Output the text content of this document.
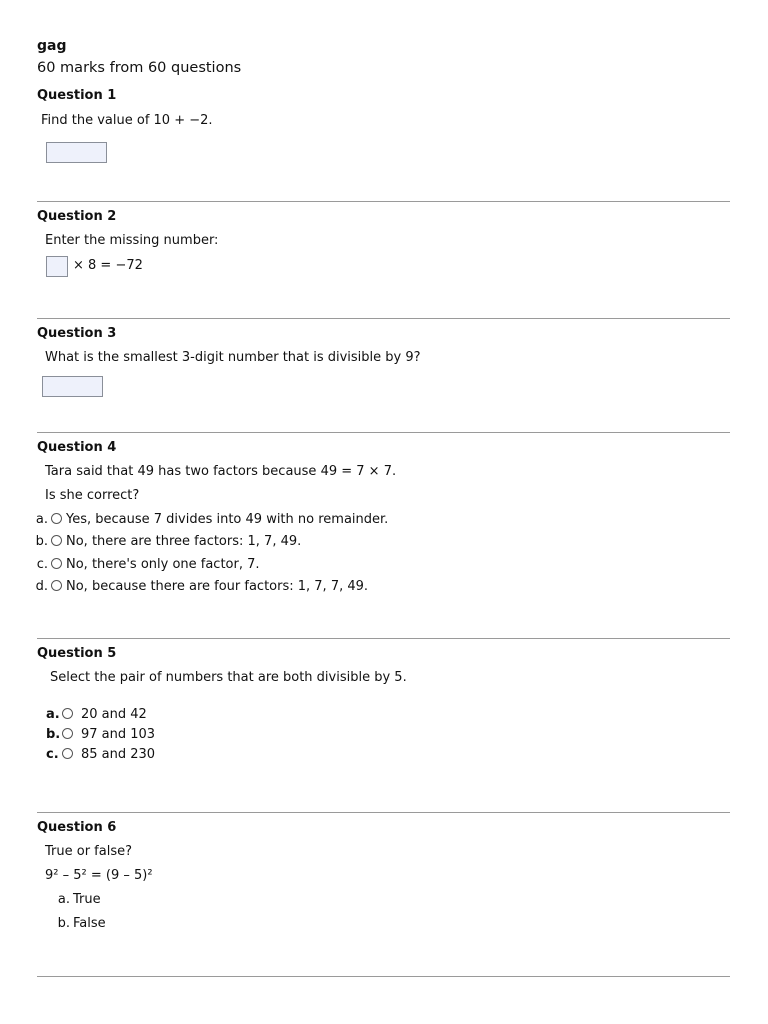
gag
60 marks from 60 questions
Question 1
Find the value of 10 + −2.
Question 2
Enter the missing number:
× 8 = −72
Question 3
What is the smallest 3-digit number that is divisible by 9?
Question 4
Tara said that 49 has two factors because 49 = 7 × 7.
Is she correct?
a. Yes, because 7 divides into 49 with no remainder.
b. No, there are three factors: 1, 7, 49.
c. No, there's only one factor, 7.
d. No, because there are four factors: 1, 7, 7, 49.
Question 5
Select the pair of numbers that are both divisible by 5.
a. 20 and 42
b. 97 and 103
c. 85 and 230
Question 6
True or false?
9² – 5² = (9 – 5)²
a. True
b. False
